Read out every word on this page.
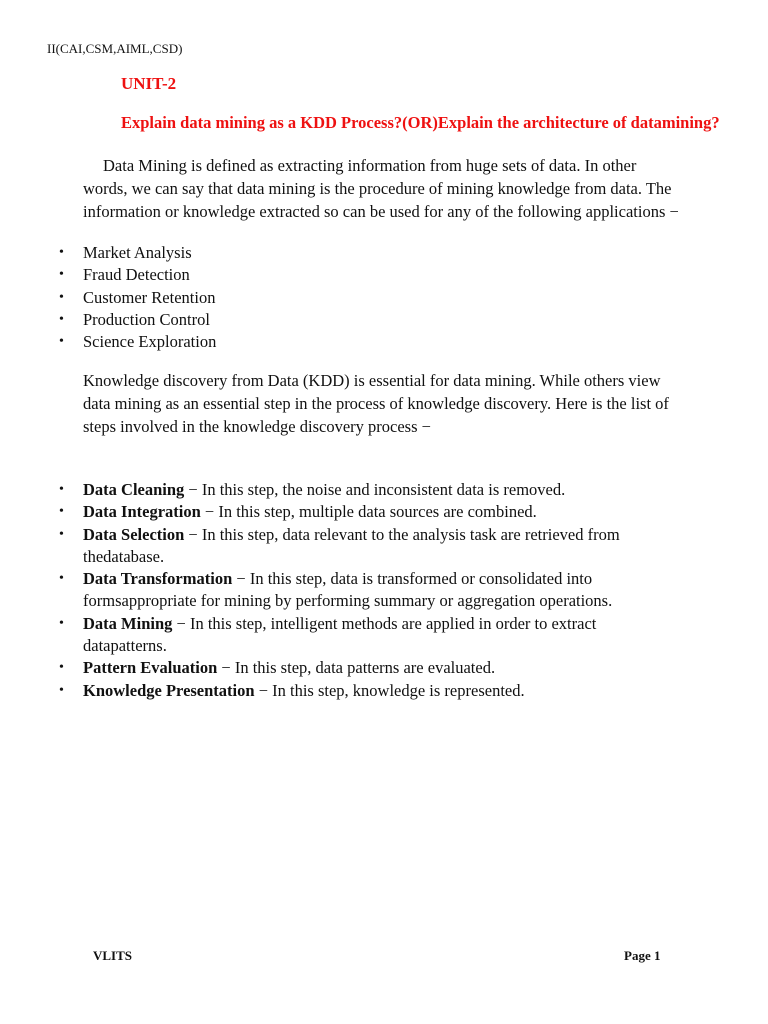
II(CAI,CSM,AIML,CSD)
UNIT-2
Explain data mining as a KDD Process?(OR)Explain the architecture of datamining?
Data Mining is defined as extracting information from huge sets of data. In other words, we can say that data mining is the procedure of mining knowledge from data. The information or knowledge extracted so can be used for any of the following applications −
• Market Analysis
• Fraud Detection
• Customer Retention
• Production Control
• Science Exploration
Knowledge discovery from Data (KDD) is essential for data mining. While others view data mining as an essential step in the process of knowledge discovery. Here is the list of steps involved in the knowledge discovery process −
• Data Cleaning − In this step, the noise and inconsistent data is removed.
• Data Integration − In this step, multiple data sources are combined.
• Data Selection − In this step, data relevant to the analysis task are retrieved from thedatabase.
• Data Transformation − In this step, data is transformed or consolidated into formsappropriate for mining by performing summary or aggregation operations.
• Data Mining − In this step, intelligent methods are applied in order to extract datapatterns.
• Pattern Evaluation − In this step, data patterns are evaluated.
• Knowledge Presentation − In this step, knowledge is represented.
VLITS	Page 1
